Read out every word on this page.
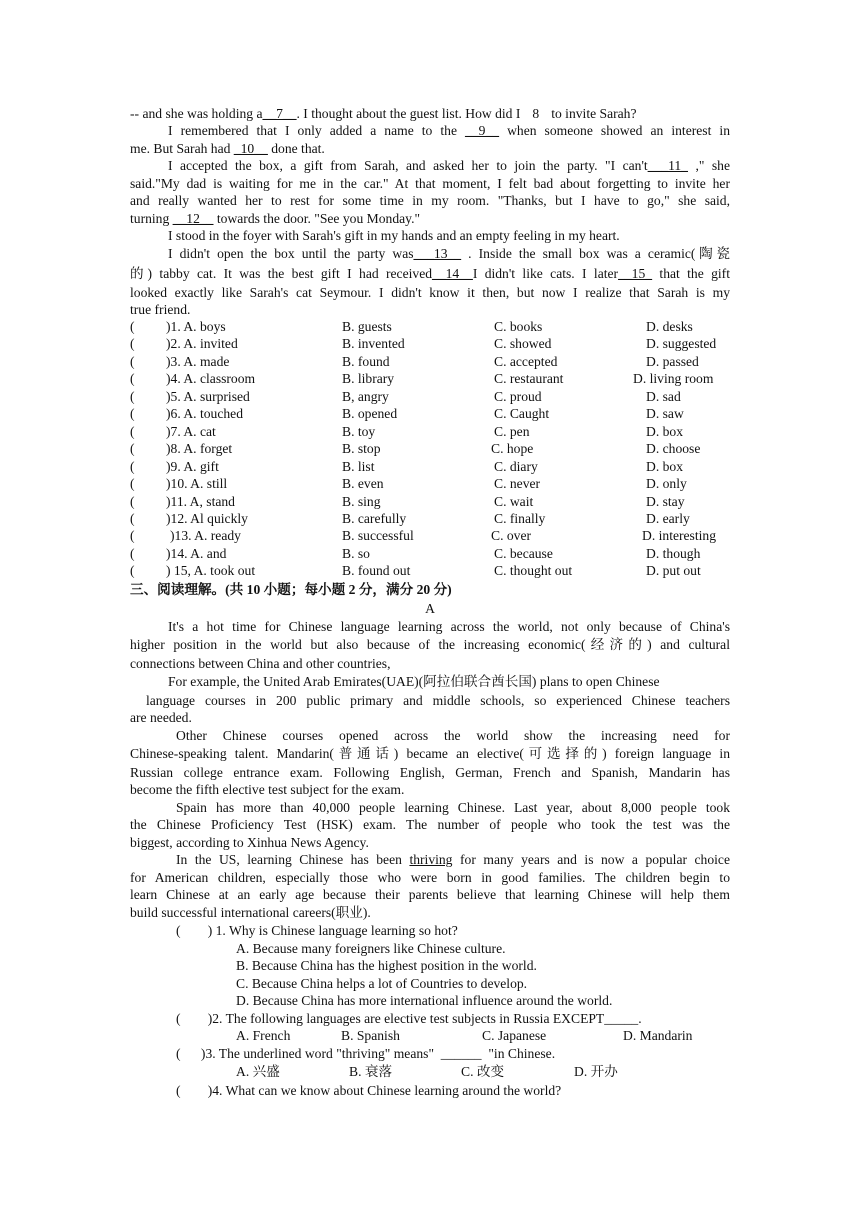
-- and she was holding a__7__. I thought about the guest list. How did I 8 to invite Sarah?
I remembered that I only added a name to the __9__ when someone showed an interest in
me. But Sarah had _10__ done that.
I accepted the box, a gift from Sarah, and asked her to join the party. "I can't___11_ ," she
said."My dad is waiting for me in the car." At that moment, I felt bad about forgetting to invite her
and really wanted her to rest for some time in my room. "Thanks, but I have to go," she said,
turning __12__ towards the door. "See you Monday."
I stood in the foyer with Sarah's gift in my hands and an empty feeling in my heart.
I didn't open the box until the party was___13__ . Inside the small box was a ceramic(陶瓷
的) tabby cat. It was the best gift I had received__14__I didn't like cats. I later__15_ that the gift
looked exactly like Sarah's cat Seymour. I didn't know it then, but now I realize that Sarah is my
true friend.
( )1. A. boys	B. guests	C. books	D. desks
( )2. A. invited	B. invented	C. showed	D. suggested
( )3. A. made	B. found	C. accepted	D. passed
( )4. A. classroom	B. library	C. restaurant	D. living room
( )5. A. surprised	B, angry	C. proud	D. sad
( )6. A. touched	B. opened	C. Caught	D. saw
( )7. A. cat	B. toy	C. pen	D. box
( )8. A. forget	B. stop	C. hope	D. choose
( )9. A. gift	B. list	C. diary	D. box
( )10. A. still	B. even	C. never	D. only
( )11. A, stand	B. sing	C. wait	D. stay
( )12. Al quickly	B. carefully	C. finally	D. early
(	)13. A. ready	B. successful	C. over	D. interesting
( )14. A. and	B. so	C. because	D. though
( ) 15, A. took out	B. found out	C. thought out	D. put out
三、阅读理解。(共 10 小题；每小题 2 分，满分 20 分)
A
It's a hot time for Chinese language learning across the world, not only because of China's
higher position in the world but also because of the increasing economic(经济的) and cultural
connections between China and other countries,
For example, the United Arab Emirates(UAE)(阿拉伯联合酋长国) plans to open Chinese
language courses in 200 public primary and middle schools, so experienced Chinese teachers
are needed.
Other Chinese courses opened across the world show the increasing need for
Chinese-speaking talent. Mandarin(普通话) became an elective(可选择的) foreign language in
Russian college entrance exam. Following English, German, French and Spanish, Mandarin has
become the fifth elective test subject for the exam.
Spain has more than 40,000 people learning Chinese. Last year, about 8,000 people took
the Chinese Proficiency Test (HSK) exam. The number of people who took the test was the
biggest, according to Xinhua News Agency.
In the US, learning Chinese has been thriving for many years and is now a popular choice
for American children, especially those who were born in good families. The children begin to
learn Chinese at an early age because their parents believe that learning Chinese will help them
build successful international careers(职业).
(        ) 1. Why is Chinese language learning so hot?
A. Because many foreigners like Chinese culture.
B. Because China has the highest position in the world.
C. Because China helps a lot of Countries to develop.
D. Because China has more international influence around the world.
(        )2. The following languages are elective test subjects in Russia EXCEPT_____.
A. French	B. Spanish	C. Japanese	D. Mandarin
(      )3. The underlined word "thriving" means"  ______  "in Chinese.
A. 兴盛	B. 衰落	C. 改变	D. 开办
(        )4. What can we know about Chinese learning around the world?
